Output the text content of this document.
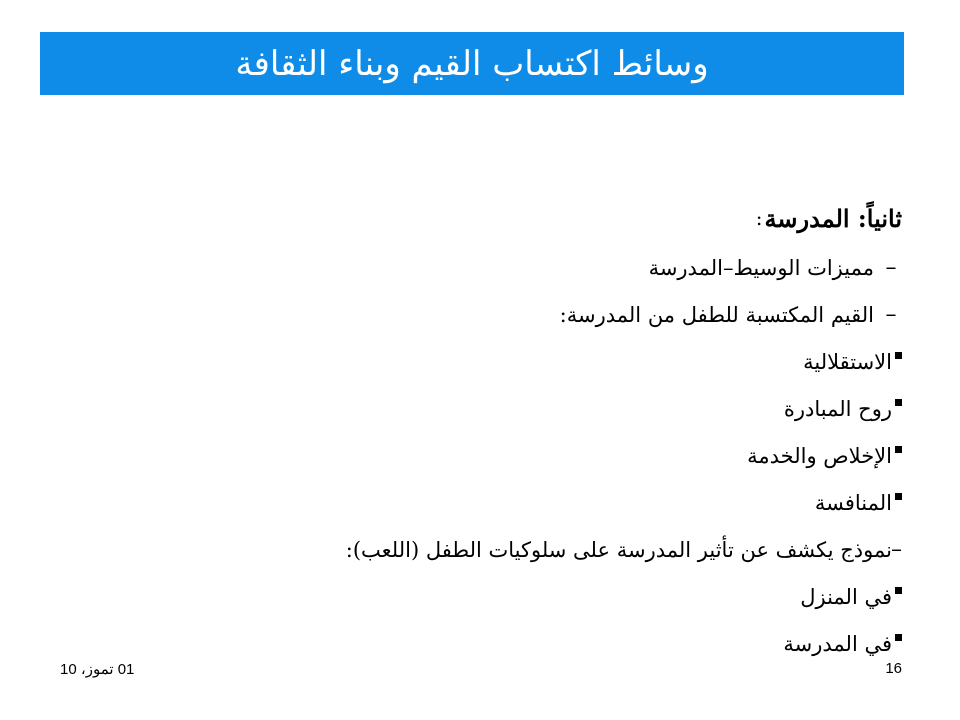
وسائط اكتساب القيم وبناء الثقافة
ثانياً: المدرسة
:
–
مميزات الوسيط–المدرسة
–
القيم المكتسبة للطفل من المدرسة:
الاستقلالية
روح المبادرة
الإخلاص والخدمة
المنافسة
–
نموذج يكشف عن تأثير المدرسة على سلوكيات الطفل (اللعب):
في المنزل
في المدرسة
01 تموز، 10	16
